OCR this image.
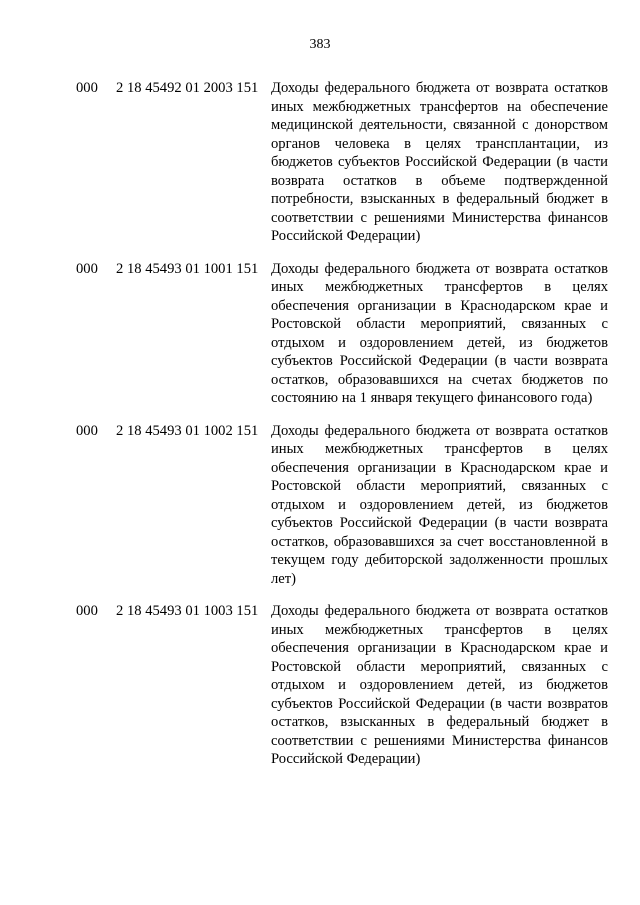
383
000 2 18 45492 01 2003 151 Доходы федерального бюджета от возврата остатков иных межбюджетных трансфертов на обеспечение медицинской деятельности, связанной с донорством органов человека в целях трансплантации, из бюджетов субъектов Российской Федерации (в части возврата остатков в объеме подтвержденной потребности, взысканных в федеральный бюджет в соответствии с решениями Министерства финансов Российской Федерации)
000 2 18 45493 01 1001 151 Доходы федерального бюджета от возврата остатков иных межбюджетных трансфертов в целях обеспечения организации в Краснодарском крае и Ростовской области мероприятий, связанных с отдыхом и оздоровлением детей, из бюджетов субъектов Российской Федерации (в части возврата остатков, образовавшихся на счетах бюджетов по состоянию на 1 января текущего финансового года)
000 2 18 45493 01 1002 151 Доходы федерального бюджета от возврата остатков иных межбюджетных трансфертов в целях обеспечения организации в Краснодарском крае и Ростовской области мероприятий, связанных с отдыхом и оздоровлением детей, из бюджетов субъектов Российской Федерации (в части возврата остатков, образовавшихся за счет восстановленной в текущем году дебиторской задолженности прошлых лет)
000 2 18 45493 01 1003 151 Доходы федерального бюджета от возврата остатков иных межбюджетных трансфертов в целях обеспечения организации в Краснодарском крае и Ростовской области мероприятий, связанных с отдыхом и оздоровлением детей, из бюджетов субъектов Российской Федерации (в части возвратов остатков, взысканных в федеральный бюджет в соответствии с решениями Министерства финансов Российской Федерации)
